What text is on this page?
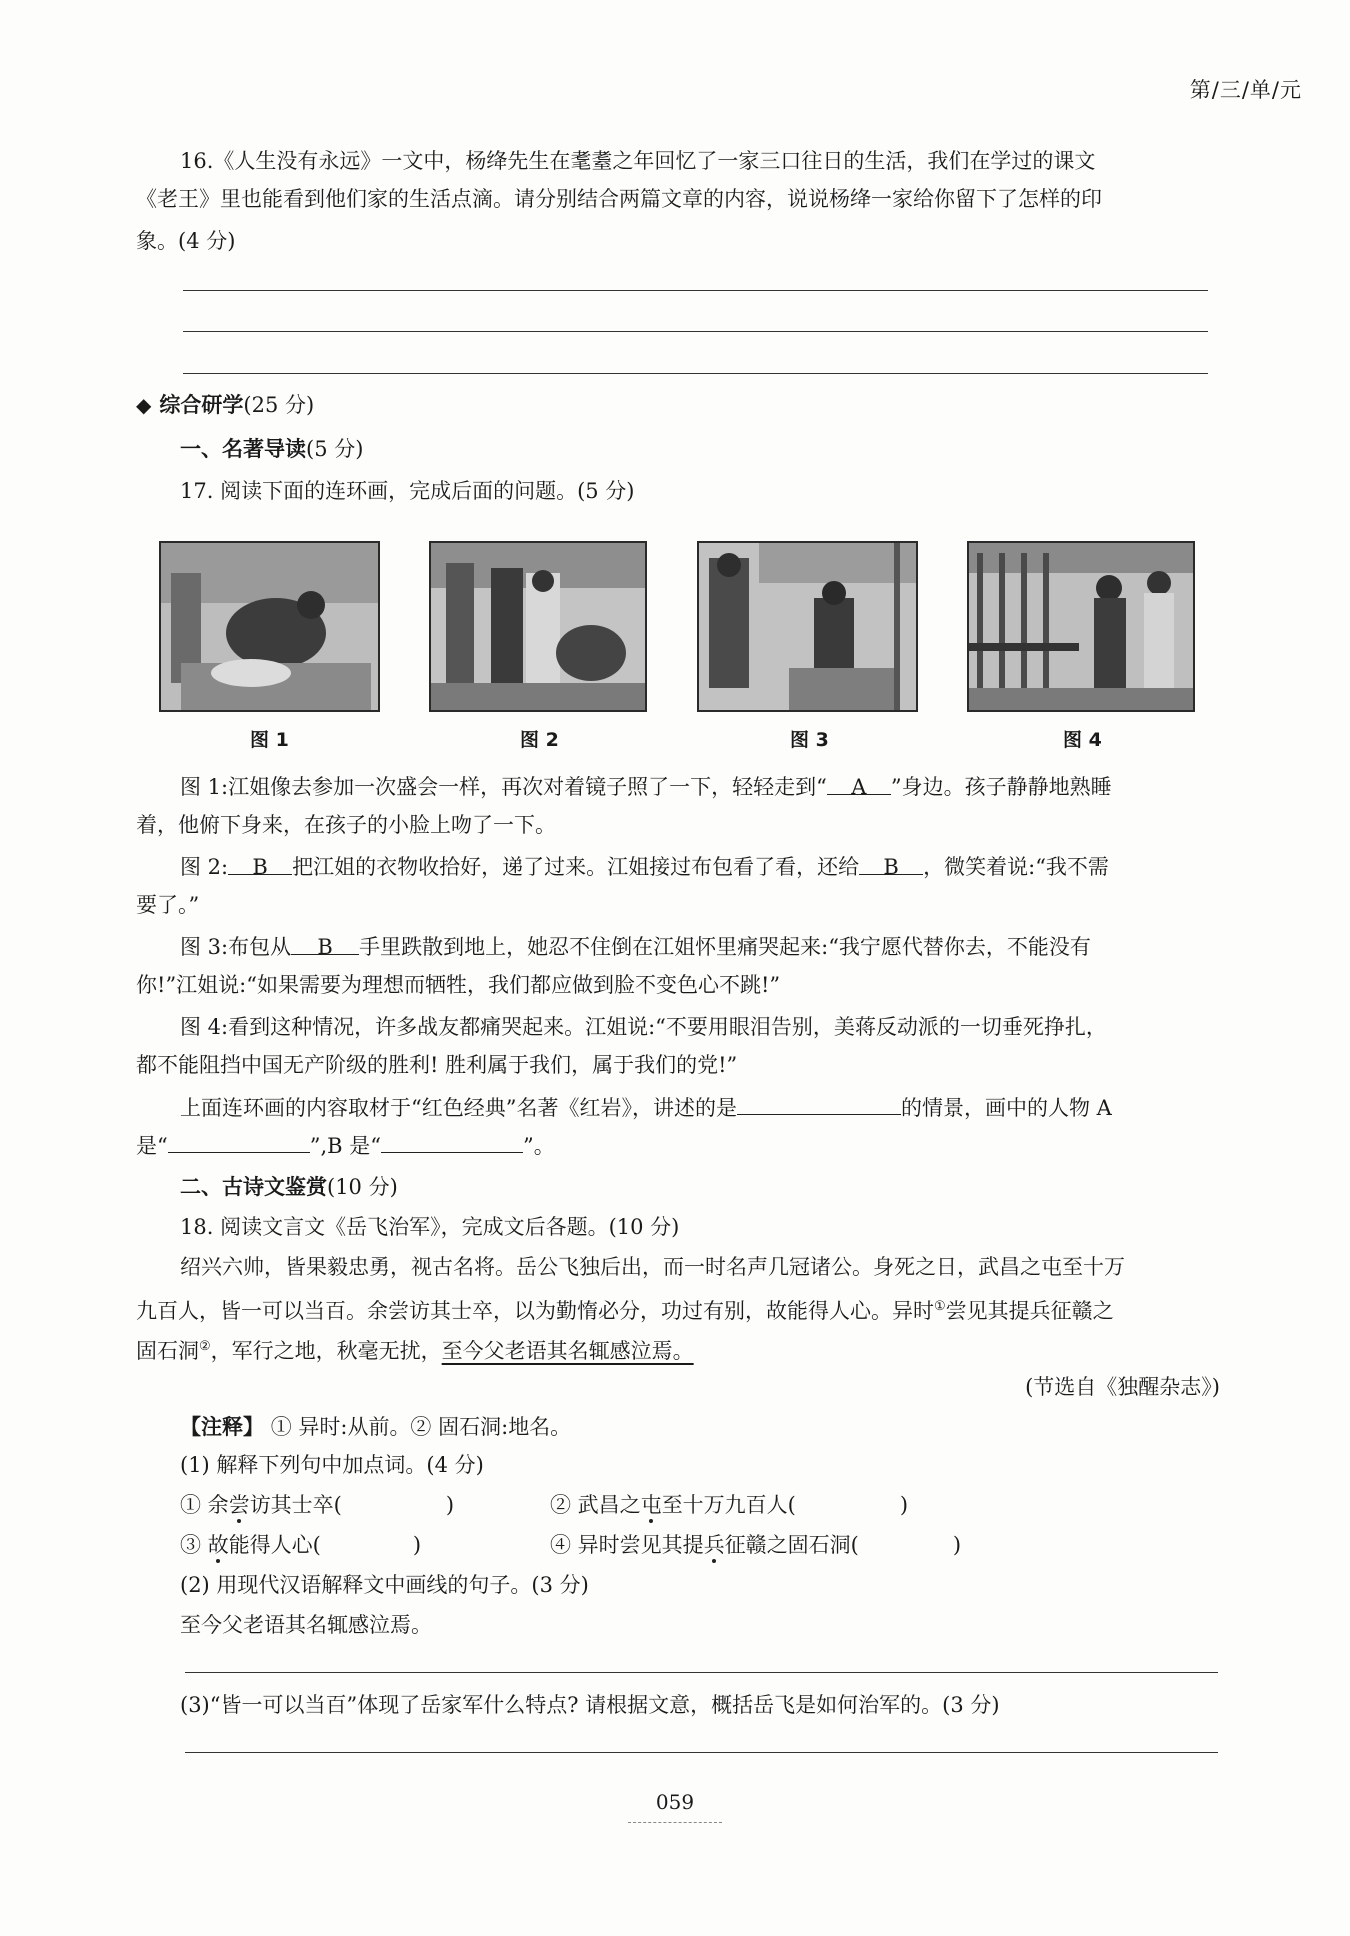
第/三/单/元
16.《人生没有永远》一文中，杨绛先生在耄耋之年回忆了一家三口往日的生活，我们在学过的课文
《老王》里也能看到他们家的生活点滴。请分别结合两篇文章的内容，说说杨绛一家给你留下了怎样的印
象。(4 分)
◆ 综合研学(25 分)
一、名著导读(5 分)
17. 阅读下面的连环画，完成后面的问题。(5 分)
图 1	图 2	图 3	图 4
图 1:江姐像去参加一次盛会一样，再次对着镜子照了一下，轻轻走到“ A ”身边。孩子静静地熟睡
着，他俯下身来，在孩子的小脸上吻了一下。
图 2: B 把江姐的衣物收拾好，递了过来。江姐接过布包看了看，还给 B ，微笑着说:“我不需
要了。”
图 3:布包从 B 手里跌散到地上，她忍不住倒在江姐怀里痛哭起来:“我宁愿代替你去，不能没有
你!”江姐说:“如果需要为理想而牺牲，我们都应做到脸不变色心不跳!”
图 4:看到这种情况，许多战友都痛哭起来。江姐说:“不要用眼泪告别，美蒋反动派的一切垂死挣扎，
都不能阻挡中国无产阶级的胜利! 胜利属于我们，属于我们的党!”
上面连环画的内容取材于“红色经典”名著《红岩》，讲述的是	的情景，画中的人物 A
是“	”,B 是“	”。
二、古诗文鉴赏(10 分)
18. 阅读文言文《岳飞治军》，完成文后各题。(10 分)
绍兴六帅，皆果毅忠勇，视古名将。岳公飞独后出，而一时名声几冠诸公。身死之日，武昌之屯至十万
九百人，皆一可以当百。余尝访其士卒，以为勤惰必分，功过有别，故能得人心。异时①尝见其提兵征赣之
固石洞②，军行之地，秋毫无扰，至今父老语其名辄感泣焉。
(节选自《独醒杂志》)
【注释】 ① 异时:从前。② 固石洞:地名。
(1) 解释下列句中加点词。(4 分)
① 余尝访其士卒(	)	② 武昌之屯至十万九百人(	)
③ 故能得人心(	)	④ 异时尝见其提兵征赣之固石洞(	)
(2) 用现代汉语解释文中画线的句子。(3 分)
至今父老语其名辄感泣焉。
(3)“皆一可以当百”体现了岳家军什么特点? 请根据文意，概括岳飞是如何治军的。(3 分)
059
